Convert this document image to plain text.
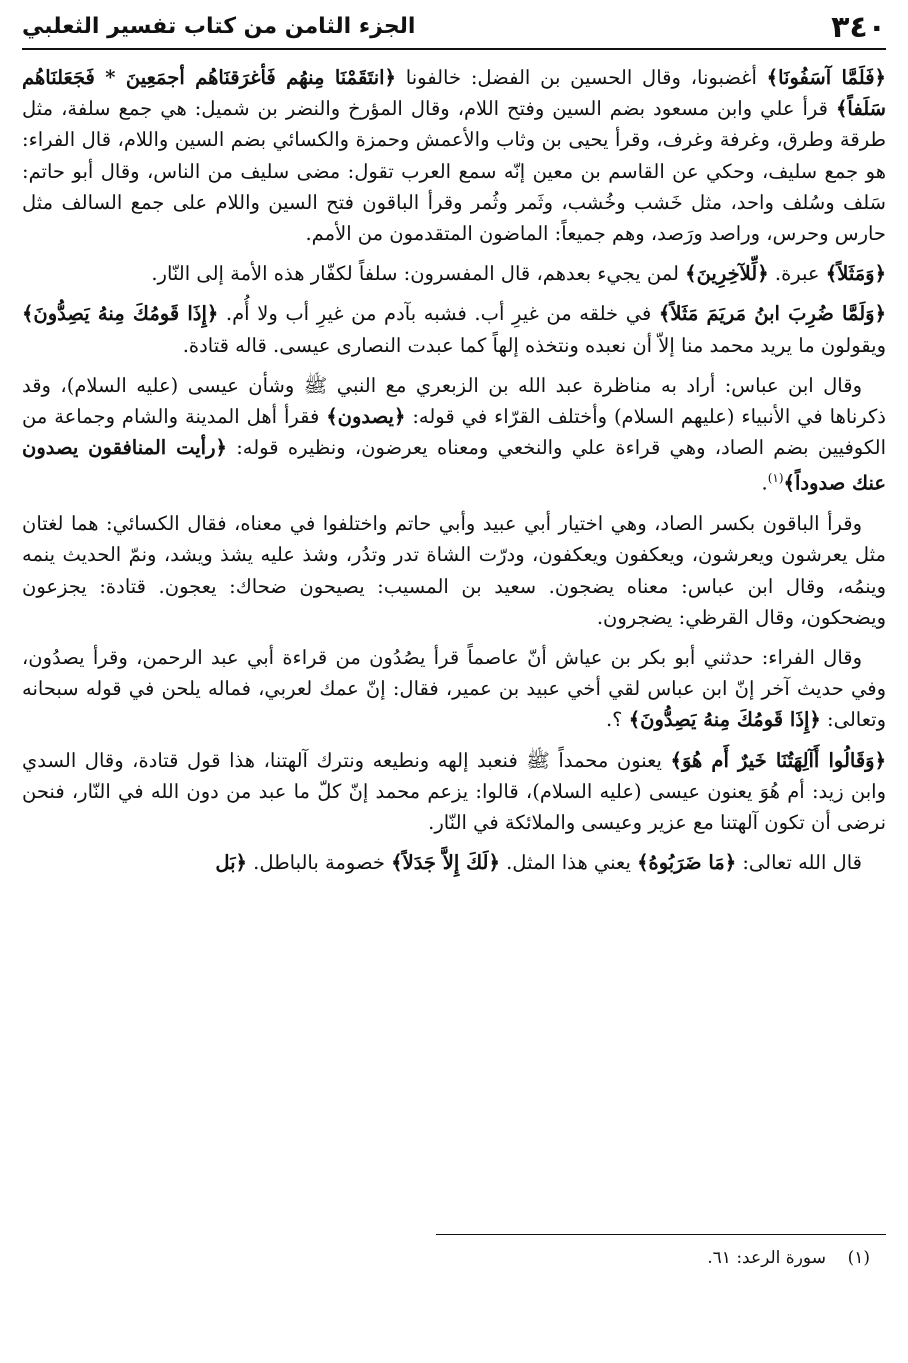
٣٤٠
الجزء الثامن من كتاب تفسير الثعلبي

﴿فَلَمَّا آسَفُونَا﴾ أغضبونا، وقال الحسين بن الفضل: خالفونا ﴿انتَقَمْنَا مِنهُم فَأغرَقنَاهُم أجمَعِينَ * فَجَعَلنَاهُم سَلَفاً﴾ قرأ علي وابن مسعود بضم السين وفتح اللام، وقال المؤرخ والنضر بن شميل: هي جمع سلفة، مثل طرقة وطرق، وغرفة وغرف، وقرأ يحيى بن وثاب والأعمش وحمزة والكسائي بضم السين واللام، قال الفراء: هو جمع سليف، وحكي عن القاسم بن معين إنّه سمع العرب تقول: مضى سليف من الناس، وقال أبو حاتم: سَلف وسُلف واحد، مثل خَشب وخُشب، وثَمر وثُمر وقرأ الباقون فتح السين واللام على جمع السالف مثل حارس وحرس، وراصد ورَصد، وهم جميعاً: الماضون المتقدمون من الأمم.

﴿وَمَثَلاً﴾ عبرة. ﴿لِّلآخِرِينَ﴾ لمن يجيء بعدهم، قال المفسرون: سلفاً لكفّار هذه الأمة إلى النّار.

﴿وَلَمَّا ضُرِبَ ابنُ مَريَمَ مَثَلاً﴾ في خلقه من غيرِ أب. فشبه بآدم من غيرِ أب ولا أُم. ﴿إِذَا قَومُكَ مِنهُ يَصِدُّونَ﴾ ويقولون ما يريد محمد منا إلاّ أن نعبده ونتخذه إلهاً كما عبدت النصارى عيسى. قاله قتادة.

وقال ابن عباس: أراد به مناظرة عبد الله بن الزبعري مع النبي ﷺ وشأن عيسى (عليه السلام)، وقد ذكرناها في الأنبياء (عليهم السلام) وأختلف القرّاء في قوله: ﴿يصدون﴾ فقرأ أهل المدينة والشام وجماعة من الكوفيين بضم الصاد، وهي قراءة علي والنخعي ومعناه يعرضون، ونظيره قوله: ﴿رأيت المنافقون يصدون عنك صدوداً﴾$^{(١)}$.

وقرأ الباقون بكسر الصاد، وهي اختيار أبي عبيد وأبي حاتم واختلفوا في معناه، فقال الكسائي: هما لغتان مثل يعرشون ويعرشون، ويعكفون ويعكفون، ودرّت الشاة تدر وتدُر، وشذ عليه يشذ ويشد، ونمّ الحديث ينمه وينمُه، وقال ابن عباس: معناه يضجون. سعيد بن المسيب: يصيحون ضحاك: يعجون. قتادة: يجزعون ويضحكون، وقال القرظي: يضجرون.

وقال الفراء: حدثني أبو بكر بن عياش أنّ عاصماً قرأ يصُدُون من قراءة أبي عبد الرحمن، وقرأ يصدُون، وفي حديث آخر إنّ ابن عباس لقي أخي عبيد بن عمير، فقال: إنّ عمك لعربي، فماله يلحن في قوله سبحانه وتعالى: ﴿إِذَا قَومُكَ مِنهُ يَصِدُّونَ﴾ ؟.

﴿وَقَالُوا أَآلِهَتُنَا خَيرٌ أَم هُوَ﴾ يعنون محمداً ﷺ فنعبد إلهه ونطيعه ونترك آلهتنا، هذا قول قتادة، وقال السدي وابن زيد: أم هُوَ يعنون عيسى (عليه السلام)، قالوا: يزعم محمد إنّ كلّ ما عبد من دون الله في النّار، فنحن نرضى أن تكون آلهتنا مع عزير وعيسى والملائكة في النّار.

قال الله تعالى: ﴿مَا ضَرَبُوهُ﴾ يعني هذا المثل. ﴿لَكَ إِلاَّ جَدَلاً﴾ خصومة بالباطل. ﴿بَل

(١)    سورة الرعد: ٦١.
